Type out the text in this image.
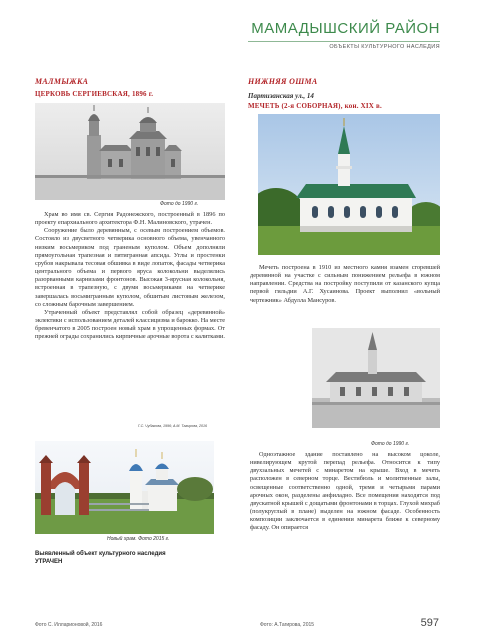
МАМАДЫШСКИЙ РАЙОН
ОБЪЕКТЫ КУЛЬТУРНОГО НАСЛЕДИЯ
МАЛМЫЖКА
ЦЕРКОВЬ СЕРГИЕВСКАЯ, 1896 г.
Фото до 1990 г.

Храм во имя св. Сергия Радонежского, построенный в 1896 по проекту епархиального архитектора Ф.Н. Малиновского, утрачен.

Сооружение было деревянным, с осевым построением объемов. Состояло из двусветного четверика основного объема, увенчанного низким восьмериком под граненым куполом. Объем дополняли прямоугольная трапезная и пятигранная апсида. Углы и простенки срубов накрывала тесовая обшивка в виде лопаток, фасады четверика центрального объема и первого яруса колокольни выделялись разорванными карнизами фронтонов. Высокая 3-ярусная колокольня, встроенная в трапезную, с двумя восьмериками на четверике завершалась восьмигранным куполом, обшитым листовым железом, со сложным барочным завершением.

Утраченный объект представлял собой образец «деревянной» эклектики с использованием деталей классицизма и барокко. На месте бревенчатого в 2005 построен новый храм в упрощенных формах. От прежней ограды сохранились кирпичные арочные ворота с калитками.

Г.С. Чубакова, 1996; А.М. Тагирова, 2016
Новый храм. Фото 2015 г.
Выявленный объект культурного наследия УТРАЧЕН
НИЖНЯЯ ОШМА
Партизанская ул., 14
МЕЧЕТЬ (2-я СОБОРНАЯ), кон. XIX в.

Мечеть построена в 1910 из местного камня взамен сгоревшей деревянной на участке с сильным понижением рельефа в южном направлении. Средства на постройку поступили от казанского купца первой гильдии А.Г. Хусаинова. Проект выполнил «вольный чертежник» Абдулла Мансуров.

Фото до 1990 г.

Одноэтажное здание поставлено на высоком цоколе, нивелирующем крутой перепад рельефа. Относится к типу двухзальных мечетей с минаретом на крыше. Вход в мечеть расположен в северном торце. Вестибюль и молитвенные залы, освещенные соответственно одной, тремя и четырьмя парами арочных окон, разделены анфиладно. Все помещения находятся под двускатной крышей с дощатыми фронтонами в торцах. Глухой михраб (полукруглый в плане) выделен на южном фасаде. Особенность композиции заключается в единении минарета ближе к северному фасаду. Он опирается

Фото С. Илларионовой, 2016	Фото: А.Тагирова, 2015	597
